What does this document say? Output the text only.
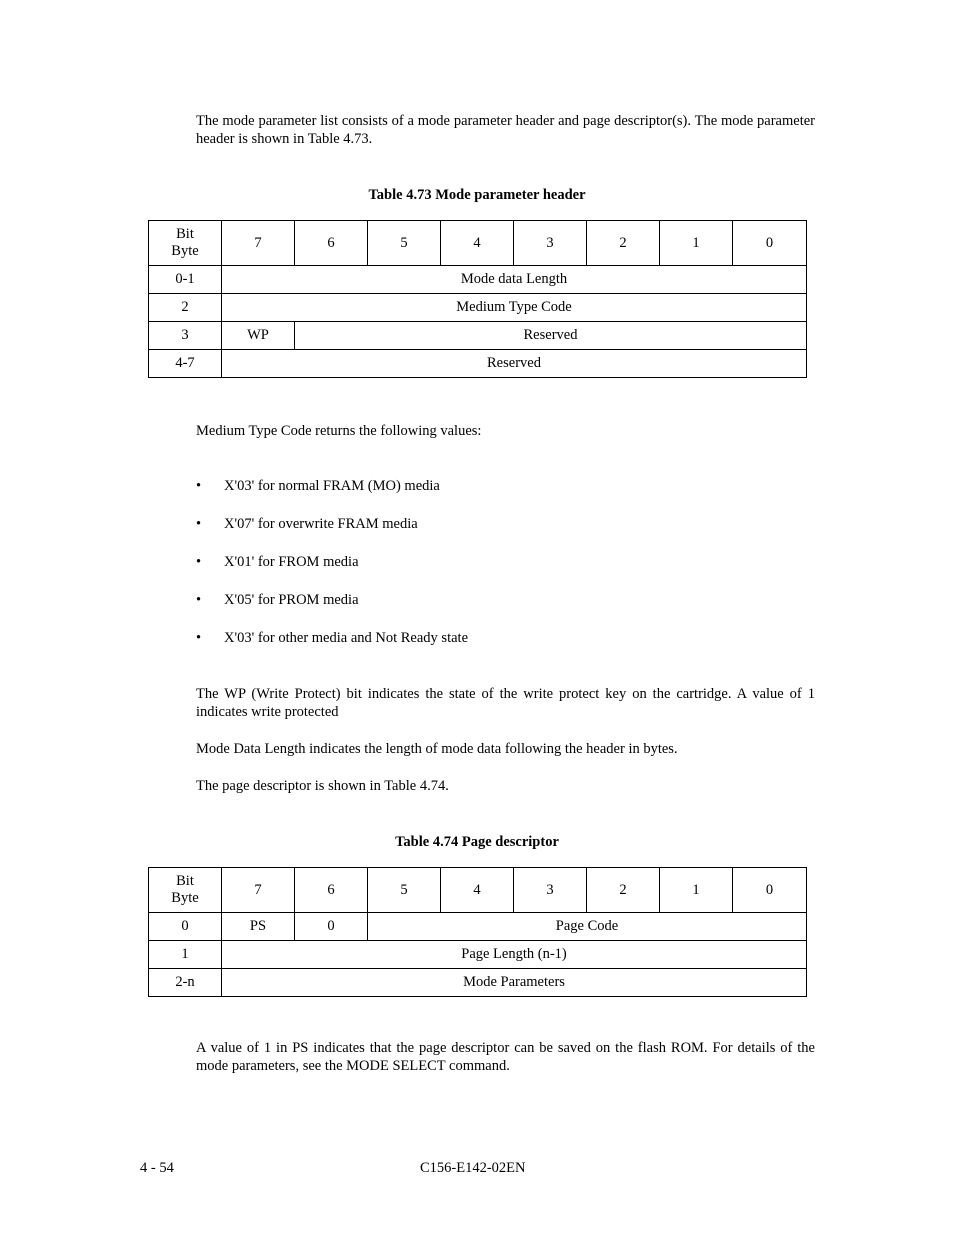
The mode parameter list consists of a mode parameter header and page descriptor(s). The mode parameter header is shown in Table 4.73.

Table 4.73 Mode parameter header
Bit
Byte	7	6	5	4	3	2	1	0
0-1	Mode data Length							
2	Medium Type Code							
3	WP	Reserved						
4-7	Reserved							

Medium Type Code returns the following values:

• X'03' for normal FRAM (MO) media
• X'07' for overwrite FRAM media
• X'01' for FROM media
• X'05' for PROM media
• X'03' for other media and Not Ready state

The WP (Write Protect) bit indicates the state of the write protect key on the cartridge. A value of 1 indicates write protected

Mode Data Length indicates the length of mode data following the header in bytes.

The page descriptor is shown in Table 4.74.

Table 4.74 Page descriptor
Bit
Byte	7	6	5	4	3	2	1	0
0	PS	0	Page Code					
1	Page Length (n-1)							
2-n	Mode Parameters							

A value of 1 in PS indicates that the page descriptor can be saved on the flash ROM. For details of the mode parameters, see the MODE SELECT command.

4 - 54	C156-E142-02EN
